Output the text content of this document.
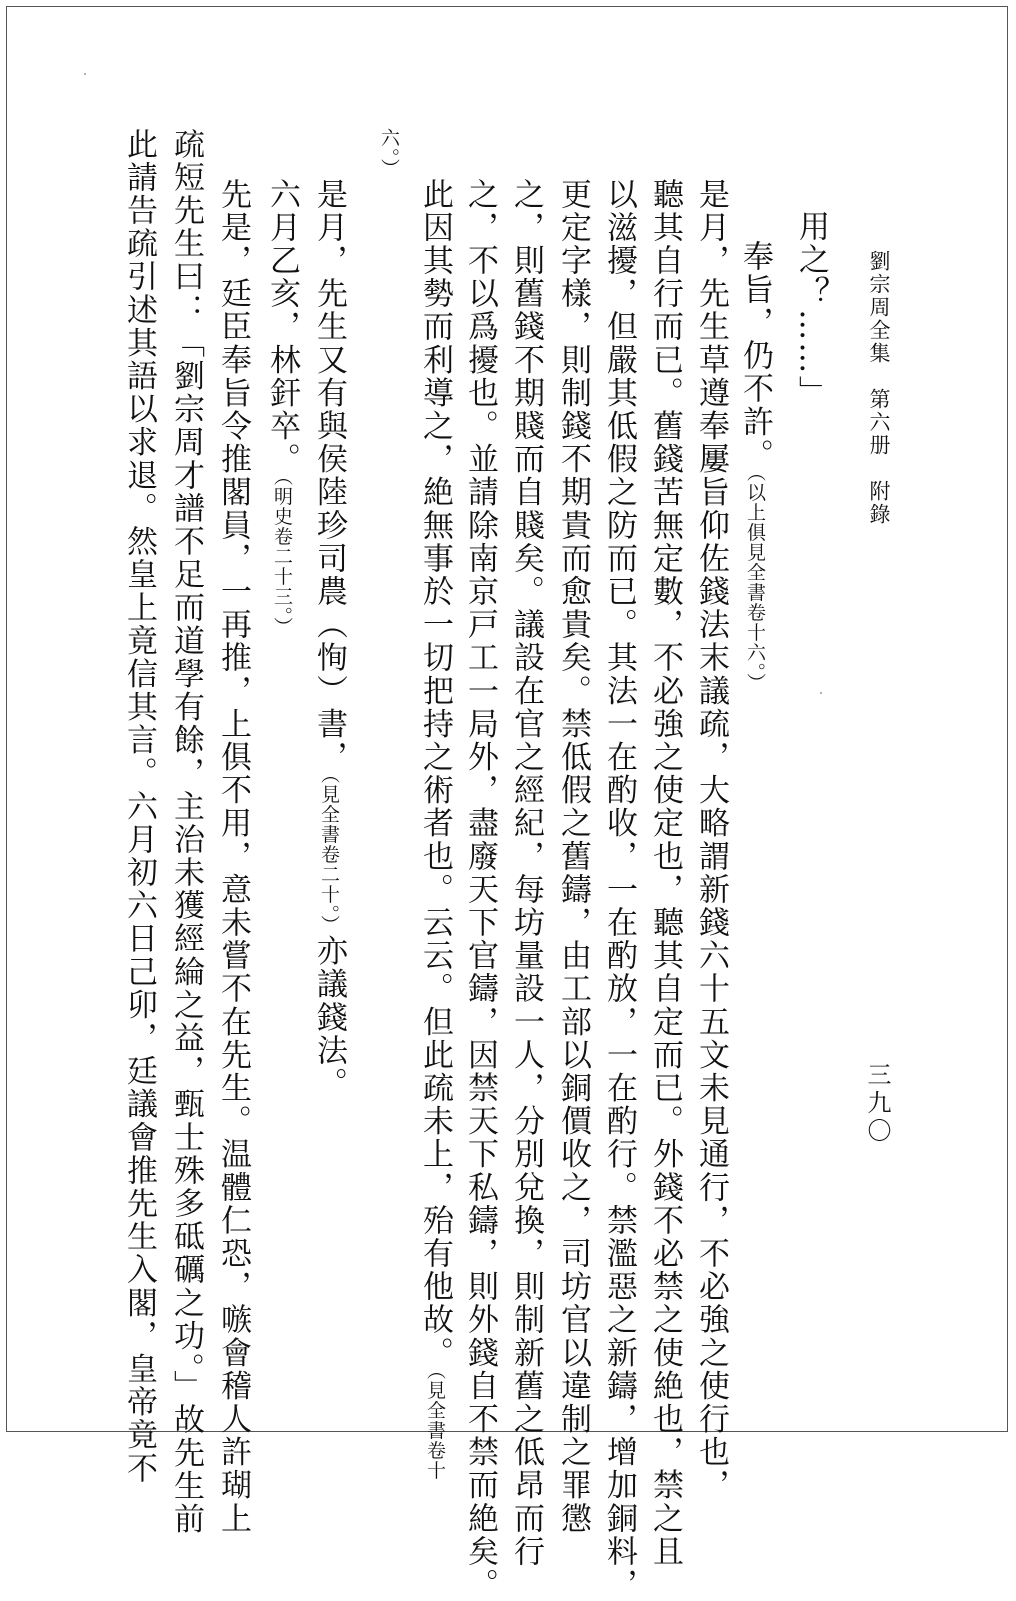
劉宗周全集　第六册　附錄
三九〇
用之？……」
奉旨，仍不許。（以上俱見全書卷十六。）
是月，先生草遵奉屢旨仰佐錢法末議疏，大略謂新錢六十五文未見通行，不必強之使行也，
聽其自行而已。舊錢苦無定數，不必強之使定也，聽其自定而已。外錢不必禁之使絶也，禁之且
以滋擾，但嚴其低假之防而已。其法一在酌收，一在酌放，一在酌行。禁濫惡之新鑄，增加銅料，
更定字樣，則制錢不期貴而愈貴矣。禁低假之舊鑄，由工部以銅價收之，司坊官以違制之罪懲
之，則舊錢不期賤而自賤矣。議設在官之經紀，每坊量設一人，分別兌換，則制新舊之低昂而行
之，不以爲擾也。並請除南京戸工一局外，盡廢天下官鑄，因禁天下私鑄，則外錢自不禁而絶矣。
此因其勢而利導之，絶無事於一切把持之術者也。云云。但此疏未上，殆有他故。（見全書卷十
六。）
是月，先生又有與侯陸珍司農（恂）書，（見全書卷二十。）亦議錢法。
六月乙亥，林釬卒。（明史卷二十三。）
先是，廷臣奉旨令推閣員，一再推，上俱不用，意未嘗不在先生。温體仁恐，嗾會稽人許瑚上
疏短先生曰：「劉宗周才譜不足而道學有餘，主治未獲經綸之益，甄士殊多砥礪之功。」故先生前
此請告疏引述其語以求退。然皇上竟信其言。六月初六日己卯，廷議會推先生入閣，皇帝竟不
